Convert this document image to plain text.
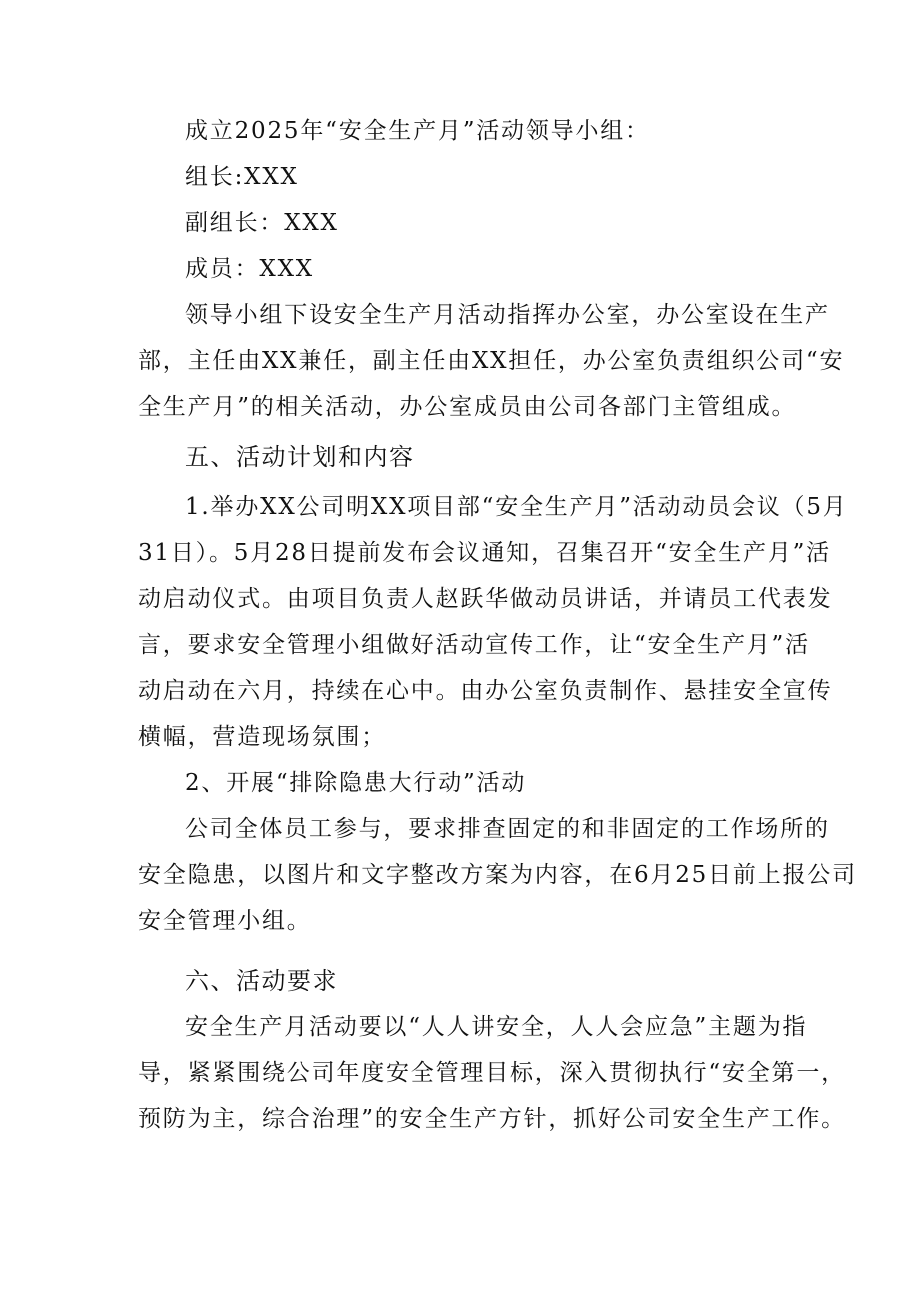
成立2025年“安全生产月”活动领导小组：
组长:XXX
副组长：XXX
成员：XXX
领导小组下设安全生产月活动指挥办公室，办公室设在生产
部，主任由XX兼任，副主任由XX担任，办公室负责组织公司“安
全生产月”的相关活动，办公室成员由公司各部门主管组成。
五、活动计划和内容
1.举办XX公司明XX项目部“安全生产月”活动动员会议（5月
31日）。5月28日提前发布会议通知，召集召开“安全生产月”活
动启动仪式。由项目负责人赵跃华做动员讲话，并请员工代表发
言，要求安全管理小组做好活动宣传工作，让“安全生产月”活
动启动在六月，持续在心中。由办公室负责制作、悬挂安全宣传
横幅，营造现场氛围；
2、开展“排除隐患大行动”活动
公司全体员工参与，要求排查固定的和非固定的工作场所的
安全隐患，以图片和文字整改方案为内容，在6月25日前上报公司
安全管理小组。
六、活动要求
安全生产月活动要以“人人讲安全，人人会应急”主题为指
导，紧紧围绕公司年度安全管理目标，深入贯彻执行“安全第一，
预防为主，综合治理”的安全生产方针，抓好公司安全生产工作。
